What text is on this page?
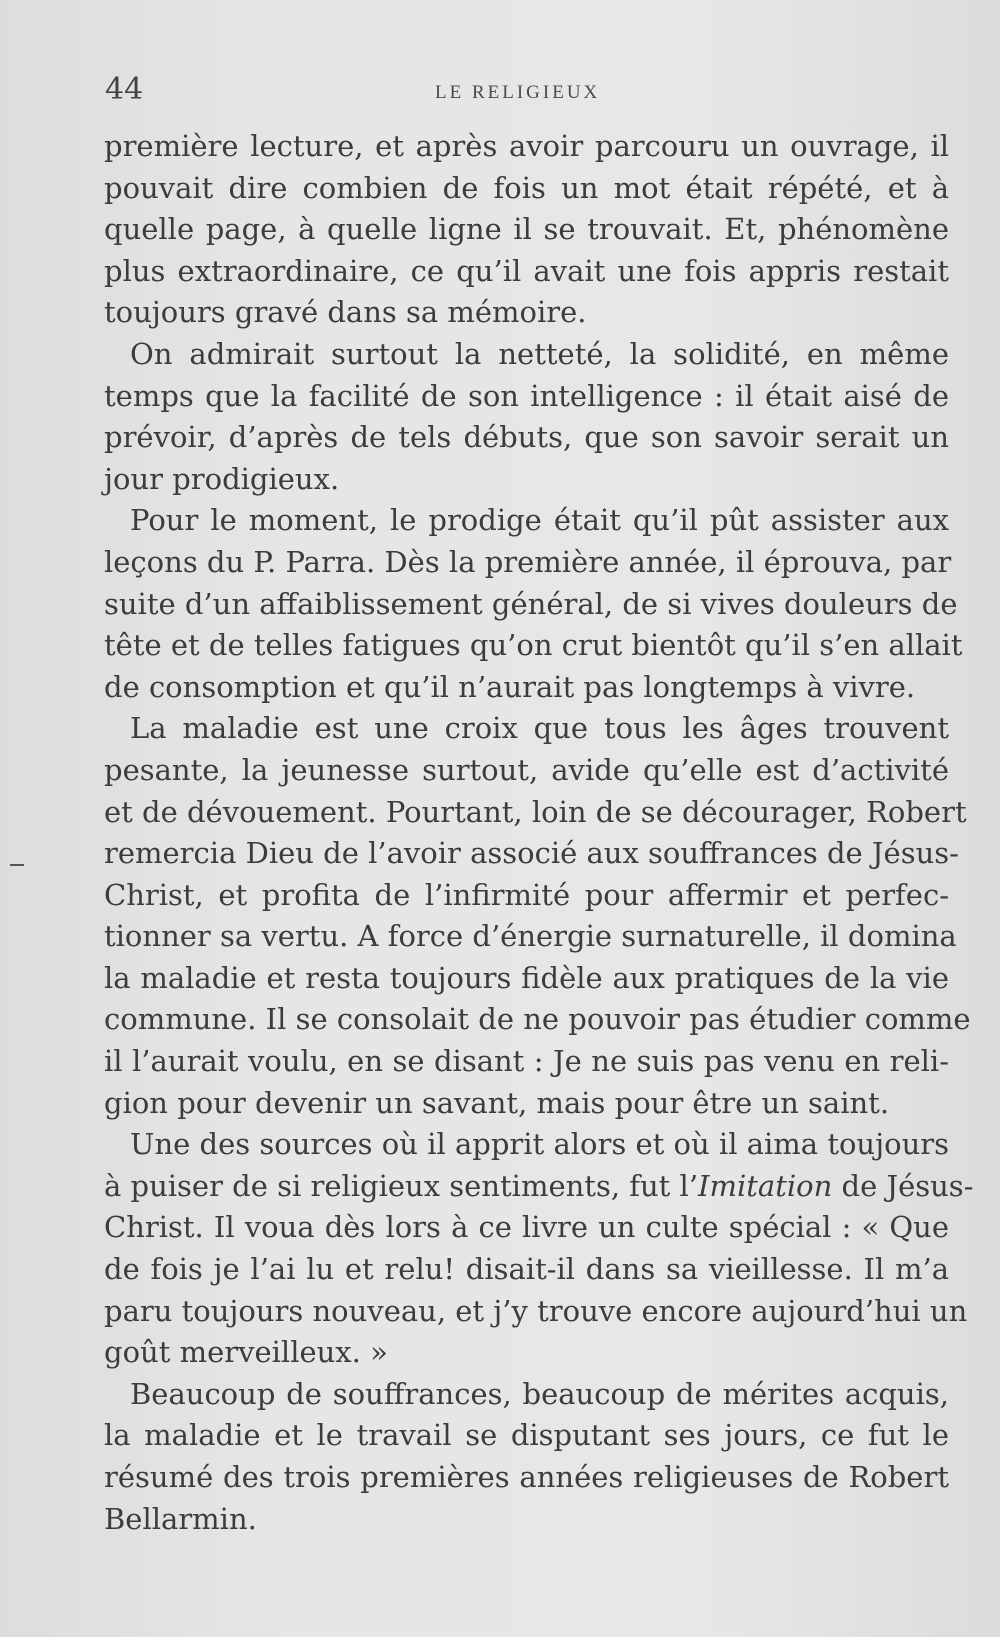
44	LE RELIGIEUX
première lecture, et après avoir parcouru un ouvrage, il
pouvait dire combien de fois un mot était répété, et à
quelle page, à quelle ligne il se trouvait. Et, phénomène
plus extraordinaire, ce qu’il avait une fois appris restait
toujours gravé dans sa mémoire.
On admirait surtout la netteté, la solidité, en même
temps que la facilité de son intelligence : il était aisé de
prévoir, d’après de tels débuts, que son savoir serait un
jour prodigieux.
Pour le moment, le prodige était qu’il pût assister aux
leçons du P. Parra. Dès la première année, il éprouva, par
suite d’un affaiblissement général, de si vives douleurs de
tête et de telles fatigues qu’on crut bientôt qu’il s’en allait
de consomption et qu’il n’aurait pas longtemps à vivre.
La maladie est une croix que tous les âges trouvent
pesante, la jeunesse surtout, avide qu’elle est d’activité
et de dévouement. Pourtant, loin de se décourager, Robert
remercia Dieu de l’avoir associé aux souffrances de Jésus-
Christ, et profita de l’infirmité pour affermir et perfec-
tionner sa vertu. A force d’énergie surnaturelle, il domina
la maladie et resta toujours fidèle aux pratiques de la vie
commune. Il se consolait de ne pouvoir pas étudier comme
il l’aurait voulu, en se disant : Je ne suis pas venu en reli-
gion pour devenir un savant, mais pour être un saint.
Une des sources où il apprit alors et où il aima toujours
à puiser de si religieux sentiments, fut l’Imitation de Jésus-
Christ. Il voua dès lors à ce livre un culte spécial : « Que
de fois je l’ai lu et relu! disait-il dans sa vieillesse. Il m’a
paru toujours nouveau, et j’y trouve encore aujourd’hui un
goût merveilleux. »
Beaucoup de souffrances, beaucoup de mérites acquis,
la maladie et le travail se disputant ses jours, ce fut le
résumé des trois premières années religieuses de Robert
Bellarmin.
